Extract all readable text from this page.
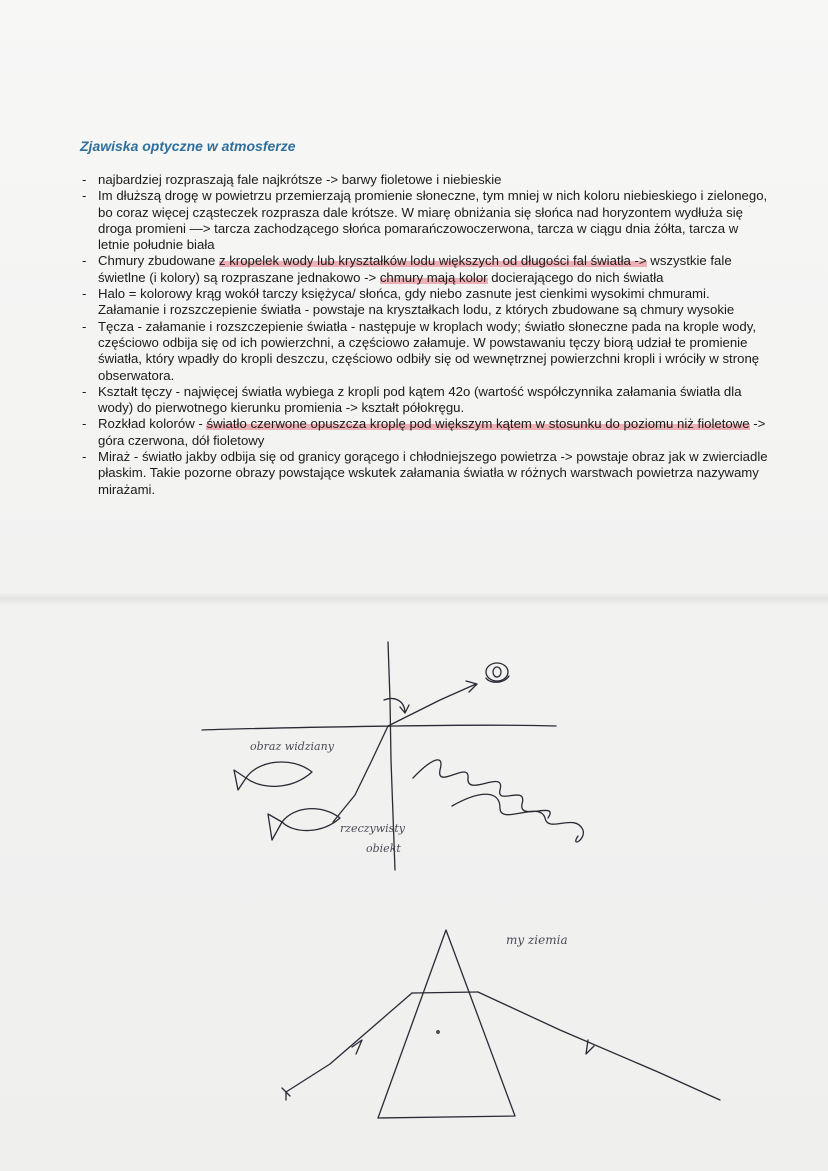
Zjawiska optyczne w atmosferze
- najbardziej rozpraszają fale najkrótsze -> barwy fioletowe i niebieskie
- Im dłuższą drogę w powietrzu przemierzają promienie słoneczne, tym mniej w nich koloru niebieskiego i zielonego, bo coraz więcej cząsteczek rozprasza dale krótsze. W miarę obniżania się słońca nad horyzontem wydłuża się droga promieni —> tarcza zachodzącego słońca pomarańczowoczerwona, tarcza w ciągu dnia żółta, tarcza w letnie południe biała
- Chmury zbudowane z kropelek wody lub kryształków lodu większych od długości fal światła -> wszystkie fale świetlne (i kolory) są rozpraszane jednakowo -> chmury mają kolor docierającego do nich światła
- Halo = kolorowy krąg wokół tarczy księżyca/ słońca, gdy niebo zasnute jest cienkimi wysokimi chmurami. Załamanie i rozszczepienie światła - powstaje na kryształkach lodu, z których zbudowane są chmury wysokie
- Tęcza - załamanie i rozszczepienie światła - następuje w kroplach wody; światło słoneczne pada na krople wody, częściowo odbija się od ich powierzchni, a częściowo załamuje. W powstawaniu tęczy biorą udział te promienie światła, który wpadły do kropli deszczu, częściowo odbiły się od wewnętrznej powierzchni kropli i wróciły w stronę obserwatora.
- Kształt tęczy - najwięcej światła wybiega z kropli pod kątem 42o (wartość współczynnika załamania światła dla wody) do pierwotnego kierunku promienia -> kształt półokręgu.
- Rozkład kolorów - światło czerwone opuszcza kroplę pod większym kątem w stosunku do poziomu niż fioletowe -> góra czerwona, dół fioletowy
- Miraż - światło jakby odbija się od granicy gorącego i chłodniejszego powietrza -> powstaje obraz jak w zwierciadle płaskim. Takie pozorne obrazy powstające wskutek załamania światła w różnych warstwach powietrza nazywamy mirażami.
obraz widziany
rzeczywisty
obiekt
my ziemia
